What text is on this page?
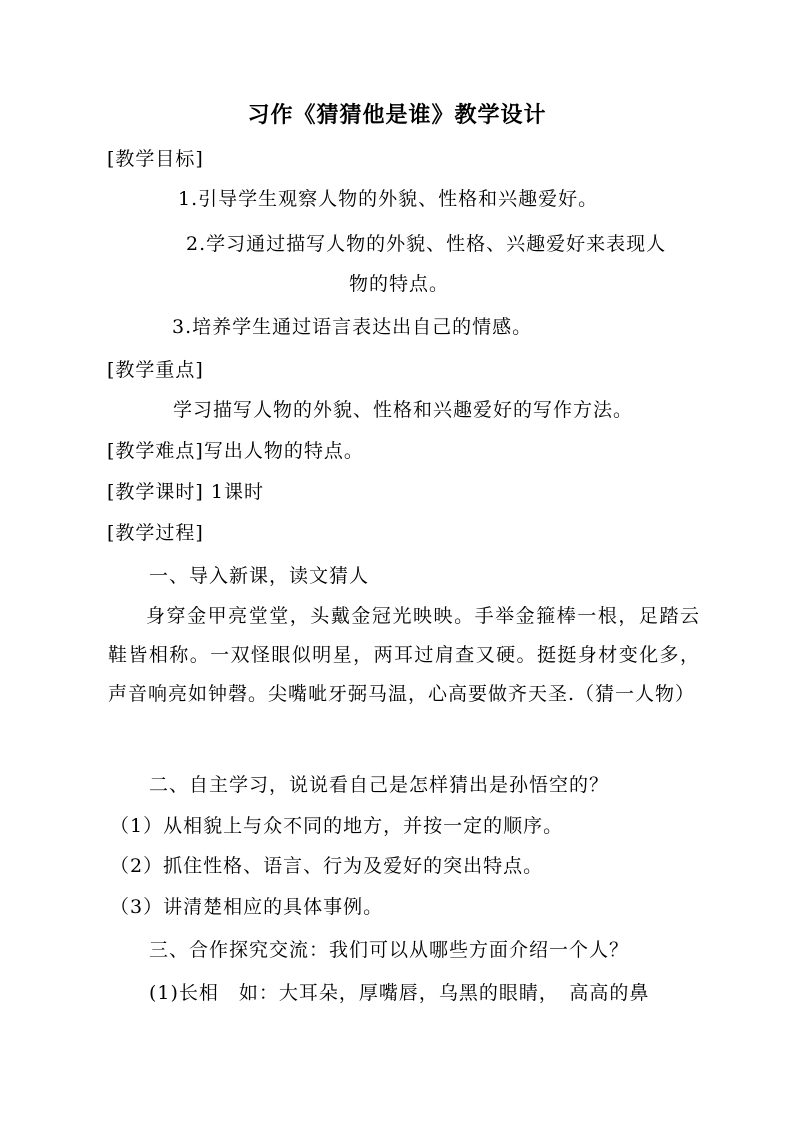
习作《猜猜他是谁》教学设计
[教学目标]
1.引导学生观察人物的外貌、性格和兴趣爱好。
2.学习通过描写人物的外貌、性格、兴趣爱好来表现人
物的特点。
3.培养学生通过语言表达出自己的情感。
[教学重点]
学习描写人物的外貌、性格和兴趣爱好的写作方法。
[教学难点]写出人物的特点。
[教学课时] 1课时
[教学过程]
一、导入新课，读文猜人
身穿金甲亮堂堂，头戴金冠光映映。手举金箍棒一根，足踏云鞋皆相称。一双怪眼似明星，两耳过肩查又硬。挺挺身材变化多，声音响亮如钟磬。尖嘴呲牙弼马温，心高要做齐天圣.（猜一人物）
二、自主学习，说说看自己是怎样猜出是孙悟空的？
（1）从相貌上与众不同的地方，并按一定的顺序。
（2）抓住性格、语言、行为及爱好的突出特点。
（3）讲清楚相应的具体事例。
三、合作探究交流：我们可以从哪些方面介绍一个人？
(1)长相　如：大耳朵，厚嘴唇，乌黑的眼睛，　高高的鼻
